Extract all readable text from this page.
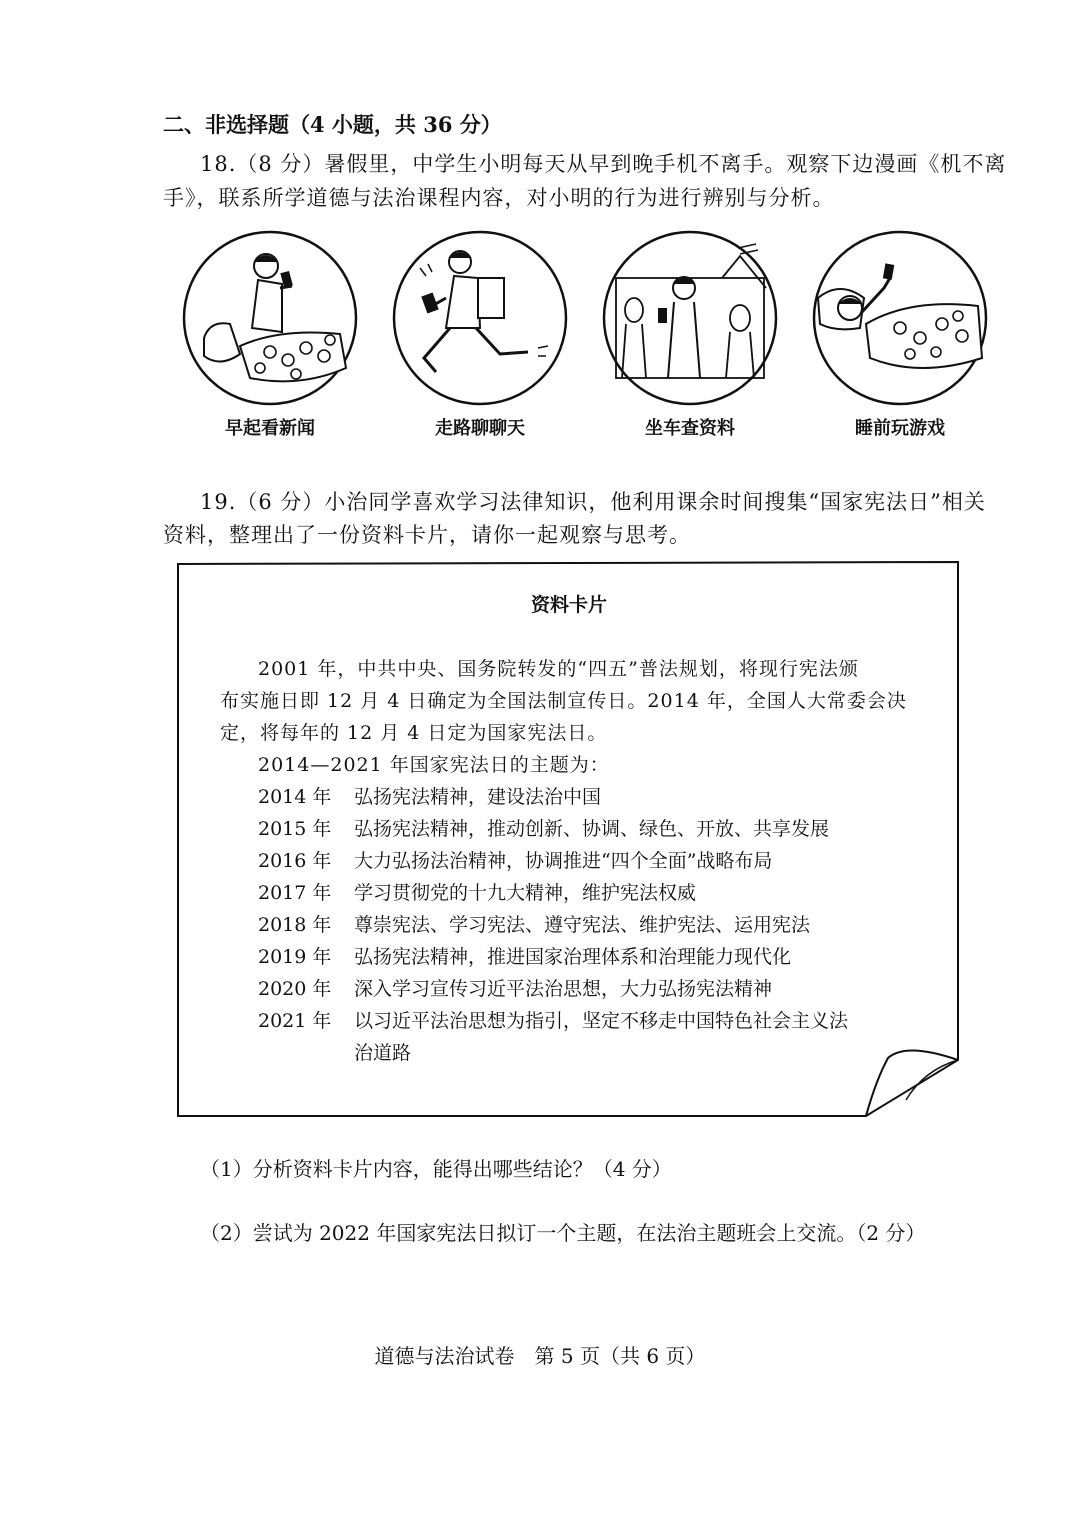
二、非选择题（4 小题，共 36 分）
18.（8 分）暑假里，中学生小明每天从早到晚手机不离手。观察下边漫画《机不离
手》，联系所学道德与法治课程内容，对小明的行为进行辨别与分析。
早起看新闻	走路聊聊天	坐车查资料	睡前玩游戏
19.（6 分）小治同学喜欢学习法律知识，他利用课余时间搜集“国家宪法日”相关
资料，整理出了一份资料卡片，请你一起观察与思考。
资料卡片
2001 年，中共中央、国务院转发的“四五”普法规划，将现行宪法颁
布实施日即 12 月 4 日确定为全国法制宣传日。2014 年，全国人大常委会决
定，将每年的 12 月 4 日定为国家宪法日。
2014—2021 年国家宪法日的主题为：
2014 年 弘扬宪法精神，建设法治中国
2015 年 弘扬宪法精神，推动创新、协调、绿色、开放、共享发展
2016 年 大力弘扬法治精神，协调推进“四个全面”战略布局
2017 年 学习贯彻党的十九大精神，维护宪法权威
2018 年 尊崇宪法、学习宪法、遵守宪法、维护宪法、运用宪法
2019 年 弘扬宪法精神，推进国家治理体系和治理能力现代化
2020 年 深入学习宣传习近平法治思想，大力弘扬宪法精神
2021 年 以习近平法治思想为指引，坚定不移走中国特色社会主义法
治道路
（1）分析资料卡片内容，能得出哪些结论？（4 分）
（2）尝试为 2022 年国家宪法日拟订一个主题，在法治主题班会上交流。（2 分）
道德与法治试卷　第 5 页（共 6 页）
